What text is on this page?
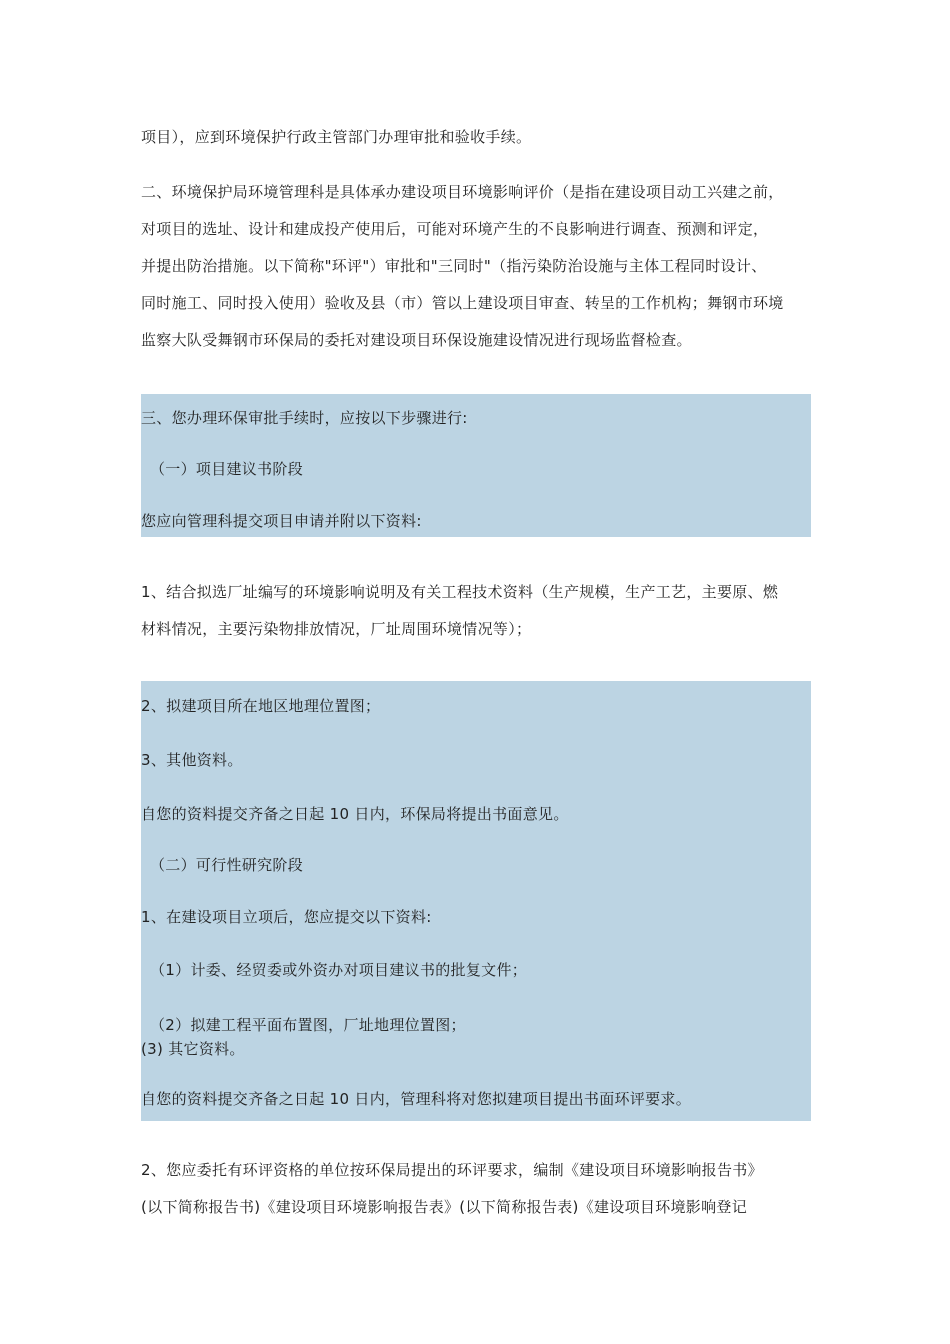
项目），应到环境保护行政主管部门办理审批和验收手续。
二、环境保护局环境管理科是具体承办建设项目环境影响评价（是指在建设项目动工兴建之前，
对项目的选址、设计和建成投产使用后，可能对环境产生的不良影响进行调查、预测和评定，
并提出防治措施。以下简称"环评"）审批和"三同时"（指污染防治设施与主体工程同时设计、
同时施工、同时投入使用）验收及县（市）管以上建设项目审查、转呈的工作机构；舞钢市环境
监察大队受舞钢市环保局的委托对建设项目环保设施建设情况进行现场监督检查。
三、您办理环保审批手续时，应按以下步骤进行:
（一）项目建议书阶段
您应向管理科提交项目申请并附以下资料:
1、结合拟选厂址编写的环境影响说明及有关工程技术资料（生产规模，生产工艺，主要原、燃
材料情况，主要污染物排放情况，厂址周围环境情况等）；
2、拟建项目所在地区地理位置图；
3、其他资料。
自您的资料提交齐备之日起 10 日内，环保局将提出书面意见。
（二）可行性研究阶段
1、在建设项目立项后，您应提交以下资料:
（1）计委、经贸委或外资办对项目建议书的批复文件；
（2）拟建工程平面布置图，厂址地理位置图；
(3) 其它资料。
自您的资料提交齐备之日起 10 日内，管理科将对您拟建项目提出书面环评要求。
2、您应委托有环评资格的单位按环保局提出的环评要求，编制《建设项目环境影响报告书》
(以下简称报告书)《建设项目环境影响报告表》(以下简称报告表)《建设项目环境影响登记
